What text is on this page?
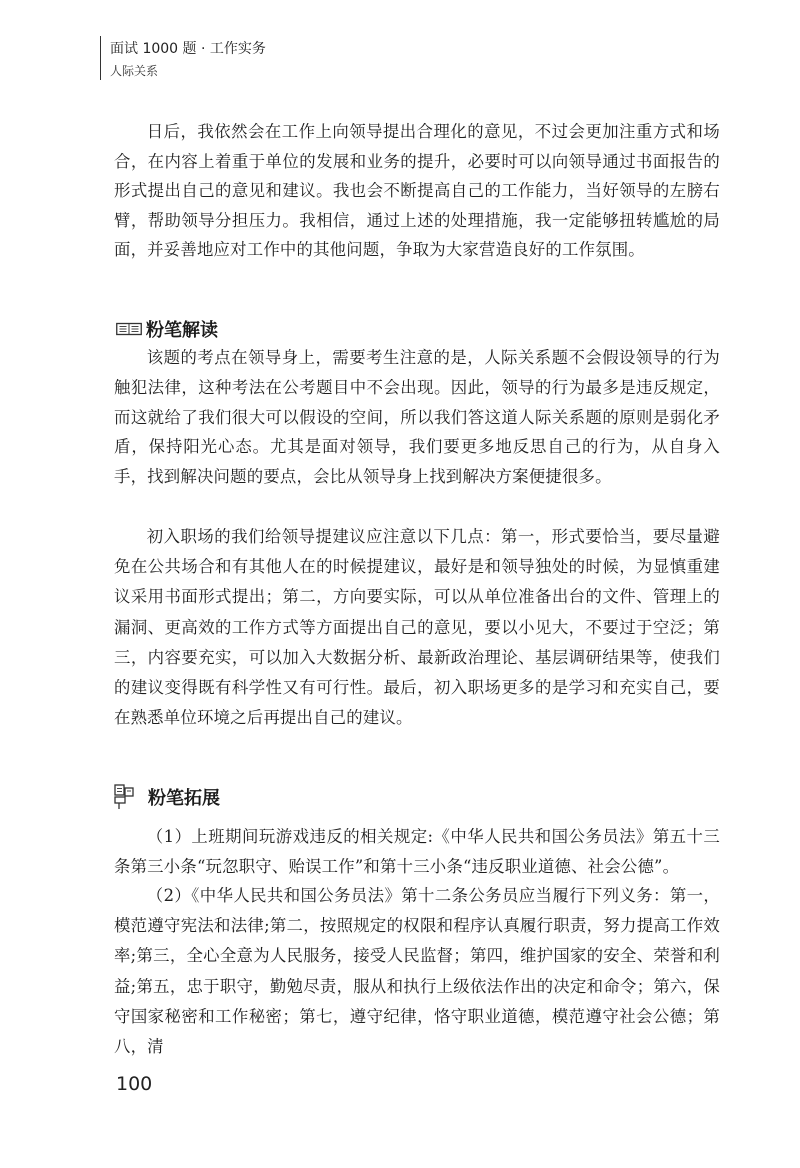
面试 1000 题 · 工作实务
人际关系

日后，我依然会在工作上向领导提出合理化的意见，不过会更加注重方式和场合，在内容上着重于单位的发展和业务的提升，必要时可以向领导通过书面报告的形式提出自己的意见和建议。我也会不断提高自己的工作能力，当好领导的左膀右臂，帮助领导分担压力。我相信，通过上述的处理措施，我一定能够扭转尴尬的局面，并妥善地应对工作中的其他问题，争取为大家营造良好的工作氛围。

粉笔解读

该题的考点在领导身上，需要考生注意的是，人际关系题不会假设领导的行为触犯法律，这种考法在公考题目中不会出现。因此，领导的行为最多是违反规定，而这就给了我们很大可以假设的空间，所以我们答这道人际关系题的原则是弱化矛盾，保持阳光心态。尤其是面对领导，我们要更多地反思自己的行为，从自身入手，找到解决问题的要点，会比从领导身上找到解决方案便捷很多。

初入职场的我们给领导提建议应注意以下几点：第一，形式要恰当，要尽量避免在公共场合和有其他人在的时候提建议，最好是和领导独处的时候，为显慎重建议采用书面形式提出；第二，方向要实际，可以从单位准备出台的文件、管理上的漏洞、更高效的工作方式等方面提出自己的意见，要以小见大，不要过于空泛；第三，内容要充实，可以加入大数据分析、最新政治理论、基层调研结果等，使我们的建议变得既有科学性又有可行性。最后，初入职场更多的是学习和充实自己，要在熟悉单位环境之后再提出自己的建议。

粉笔拓展

（1）上班期间玩游戏违反的相关规定:《中华人民共和国公务员法》第五十三条第三小条“玩忽职守、贻误工作”和第十三小条“违反职业道德、社会公德”。

（2）《中华人民共和国公务员法》第十二条公务员应当履行下列义务：第一，模范遵守宪法和法律;第二，按照规定的权限和程序认真履行职责，努力提高工作效率;第三，全心全意为人民服务，接受人民监督；第四，维护国家的安全、荣誉和利益;第五，忠于职守，勤勉尽责，服从和执行上级依法作出的决定和命令；第六，保守国家秘密和工作秘密；第七，遵守纪律，恪守职业道德，模范遵守社会公德；第八，清

100
